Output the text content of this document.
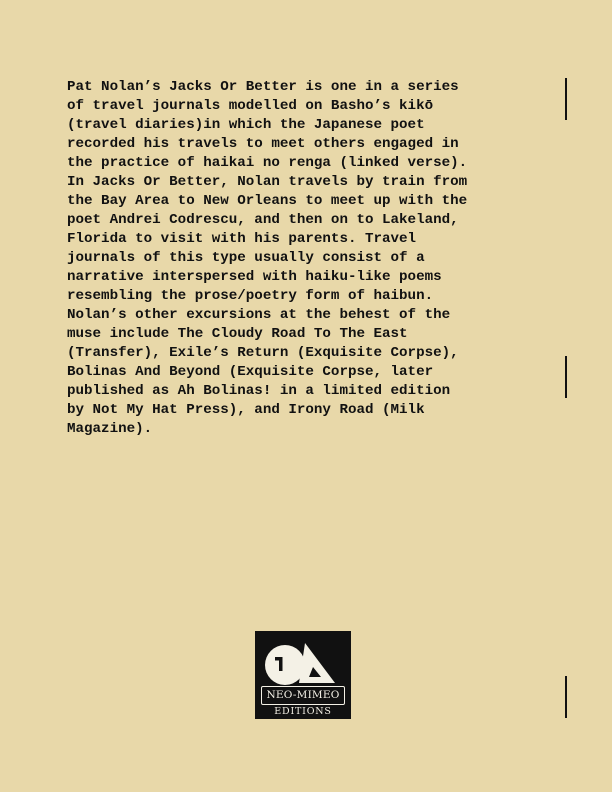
Pat Nolan’s Jacks Or Better is one in a series
of travel journals modelled on Basho’s kikō
(travel diaries)in which the Japanese poet
recorded his travels to meet others engaged in
the practice of haikai no renga (linked verse).
In Jacks Or Better, Nolan travels by train from
the Bay Area to New Orleans to meet up with the
poet Andrei Codrescu, and then on to Lakeland,
Florida to visit with his parents. Travel
journals of this type usually consist of a
narrative interspersed with haiku-like poems
resembling the prose/poetry form of haibun.
Nolan’s other excursions at the behest of the
muse include The Cloudy Road To The East
(Transfer), Exile’s Return (Exquisite Corpse),
Bolinas And Beyond (Exquisite Corpse, later
published as Ah Bolinas! in a limited edition
by Not My Hat Press), and Irony Road (Milk
Magazine).
NEO-MIMEO
EDITIONS
